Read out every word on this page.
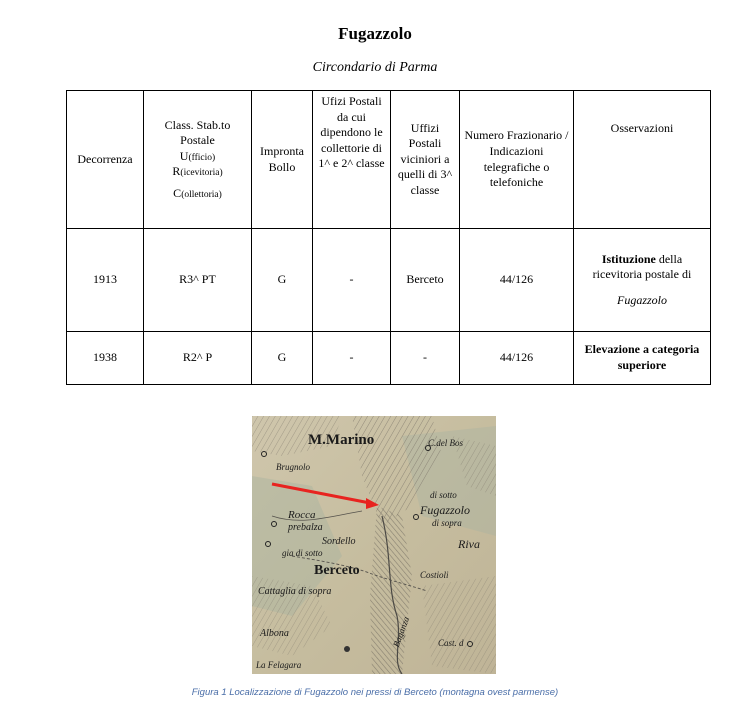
Fugazzolo
Circondario di Parma
Decorrenza	Class. Stab.to
Postale
U(fficio)
R(icevitoria)

C(ollettoria)	Impronta Bollo	Ufizi Postali da cui dipendono le collettorie di 1^ e 2^ classe	Uffizi Postali viciniori a quelli di 3^ classe	Numero Frazionario / Indicazioni telegrafiche o telefoniche	Osservazioni
1913	R3^ PT	G	-	Berceto	44/126	Istituzione della ricevitoria postale di
Fugazzolo

1938	R2^ P	G	-	-	44/126	Elevazione a categoria superiore
M.Marino	C.del Bos
Brugnolo
di sotto
Fugazzolo
di sopra
Rocca
prebalza
Riva
Sordello
gia di sotto
Berceto	Costioli
Cattaglia di sopra
Baganza
Albona
Cast. d
La Felagara
Figura 1 Localizzazione di Fugazzolo nei pressi di Berceto (montagna ovest parmense)
